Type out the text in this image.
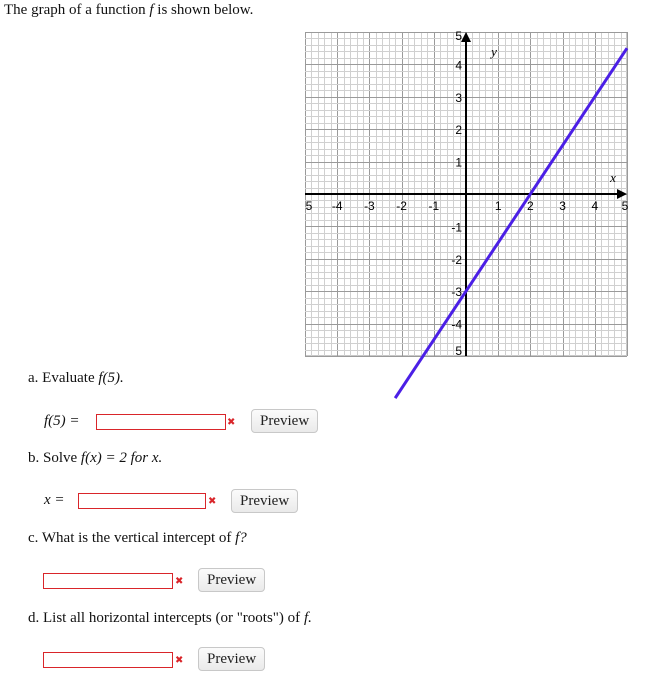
The graph of a function f is shown below.
5 -4 -3 -2 -1	1 2 3 4 5
5
4
3
2
1
-1
-2
-3
-4
5
x
y
a. Evaluate f(5).
f(5) =	✖	Preview
b. Solve f(x) = 2 for x.
x =	✖	Preview
c. What is the vertical intercept of f?
✖	Preview
d. List all horizontal intercepts (or "roots") of f.
✖	Preview
